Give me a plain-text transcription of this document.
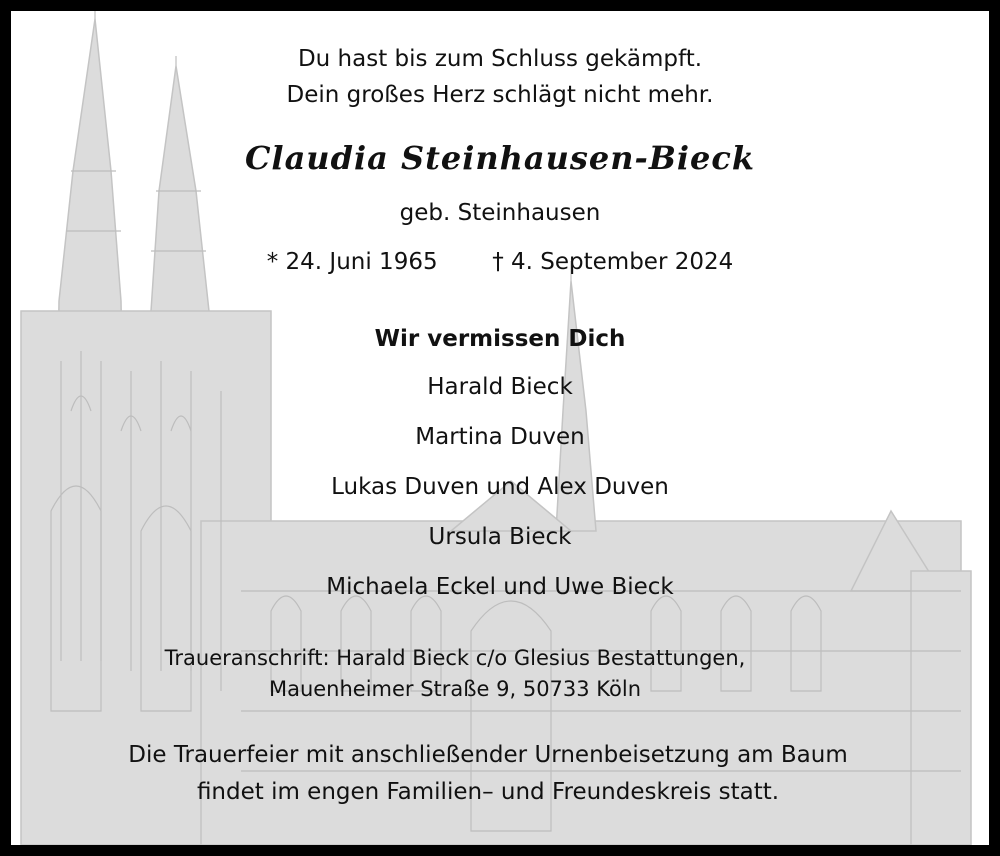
Du hast bis zum Schluss gekämpft.
Dein großes Herz schlägt nicht mehr.
Claudia Steinhausen-Bieck
geb. Steinhausen
* 24. Juni 1965 † 4. September 2024
Wir vermissen Dich
Harald Bieck
Martina Duven
Lukas Duven und Alex Duven
Ursula Bieck
Michaela Eckel und Uwe Bieck
Traueranschrift: Harald Bieck c/o Glesius Bestattungen,
Mauenheimer Straße 9, 50733 Köln
Die Trauerfeier mit anschließender Urnenbeisetzung am Baum
findet im engen Familien– und Freundeskreis statt.
